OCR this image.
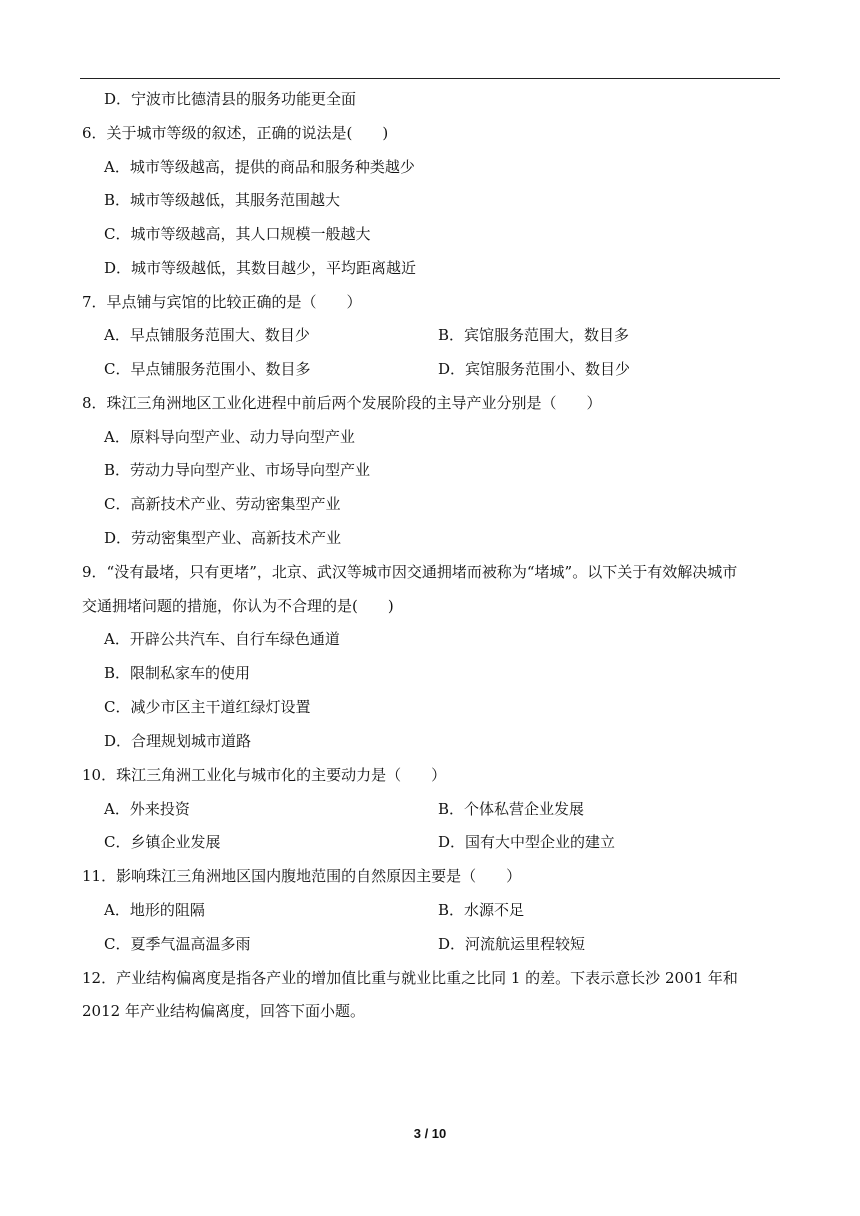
D．宁波市比德清县的服务功能更全面
6．关于城市等级的叙述，正确的说法是(　　)
A．城市等级越高，提供的商品和服务种类越少
B．城市等级越低，其服务范围越大
C．城市等级越高，其人口规模一般越大
D．城市等级越低，其数目越少，平均距离越近
7．早点铺与宾馆的比较正确的是（　　）
A．早点铺服务范围大、数目少	B．宾馆服务范围大，数目多
C．早点铺服务范围小、数目多	D．宾馆服务范围小、数目少
8．珠江三角洲地区工业化进程中前后两个发展阶段的主导产业分别是（　　）
A．原料导向型产业、动力导向型产业
B．劳动力导向型产业、市场导向型产业
C．高新技术产业、劳动密集型产业
D．劳动密集型产业、高新技术产业
9．“没有最堵，只有更堵”，北京、武汉等城市因交通拥堵而被称为“堵城”。以下关于有效解决城市
交通拥堵问题的措施，你认为不合理的是(　　)
A．开辟公共汽车、自行车绿色通道
B．限制私家车的使用
C．减少市区主干道红绿灯设置
D．合理规划城市道路
10．珠江三角洲工业化与城市化的主要动力是（　　）
A．外来投资	B．个体私营企业发展
C．乡镇企业发展	D．国有大中型企业的建立
11．影响珠江三角洲地区国内腹地范围的自然原因主要是（　　）
A．地形的阻隔	B．水源不足
C．夏季气温高温多雨	D．河流航运里程较短
12．产业结构偏离度是指各产业的增加值比重与就业比重之比同 1 的差。下表示意长沙 2001 年和
2012 年产业结构偏离度，回答下面小题。
3 / 10
